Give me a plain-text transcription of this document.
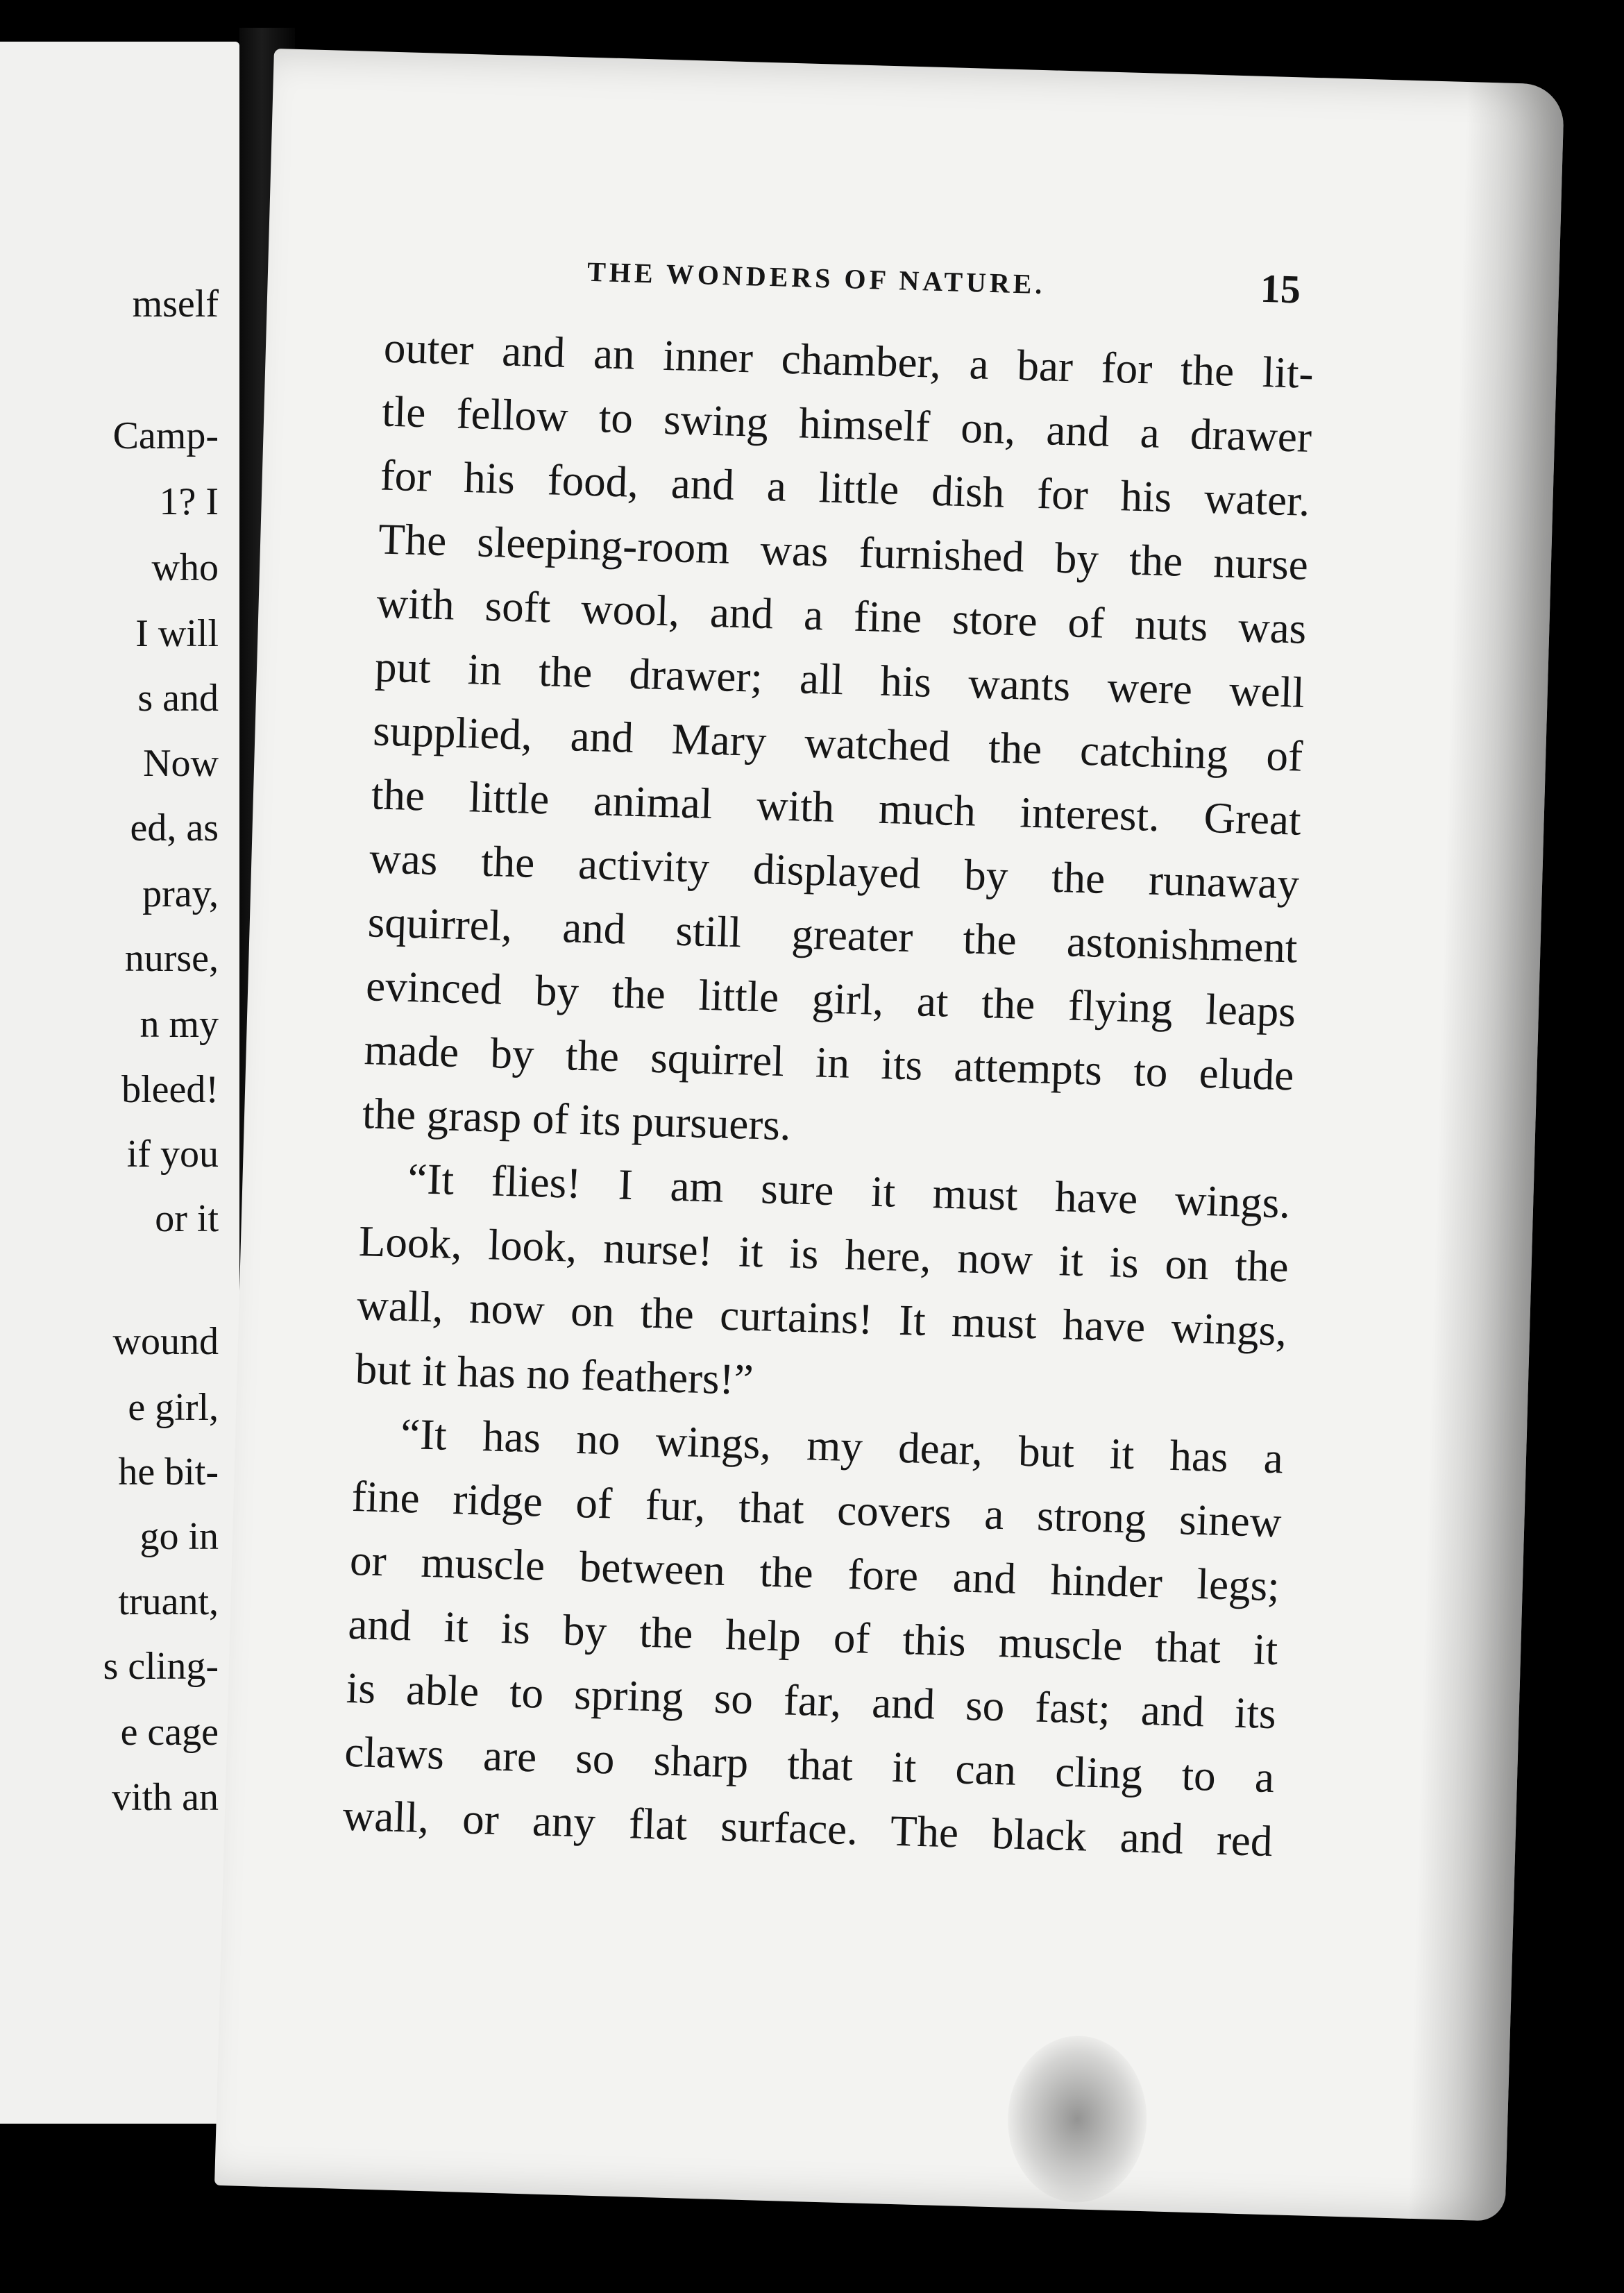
mself
Camp-
1? I
who
I will
s and
Now
ed, as
pray,
nurse,
n my
bleed!
if you
or it
wound
e girl,
he bit-
go in
truant,
s cling-
e cage
vith an
THE WONDERS OF NATURE.	15
outer and an inner chamber, a bar for the lit-
tle fellow to swing himself on, and a drawer
for his food, and a little dish for his water.
The sleeping-room was furnished by the nurse
with soft wool, and a fine store of nuts was
put in the drawer; all his wants were well
supplied, and Mary watched the catching of
the little animal with much interest. Great
was the activity displayed by the runaway
squirrel, and still greater the astonishment
evinced by the little girl, at the flying leaps
made by the squirrel in its attempts to elude
the grasp of its pursuers.
“It flies! I am sure it must have wings.
Look, look, nurse! it is here, now it is on the
wall, now on the curtains! It must have wings,
but it has no feathers!”
“It has no wings, my dear, but it has a
fine ridge of fur, that covers a strong sinew
or muscle between the fore and hinder legs;
and it is by the help of this muscle that it
is able to spring so far, and so fast; and its
claws are so sharp that it can cling to a
wall, or any flat surface. The black and red
